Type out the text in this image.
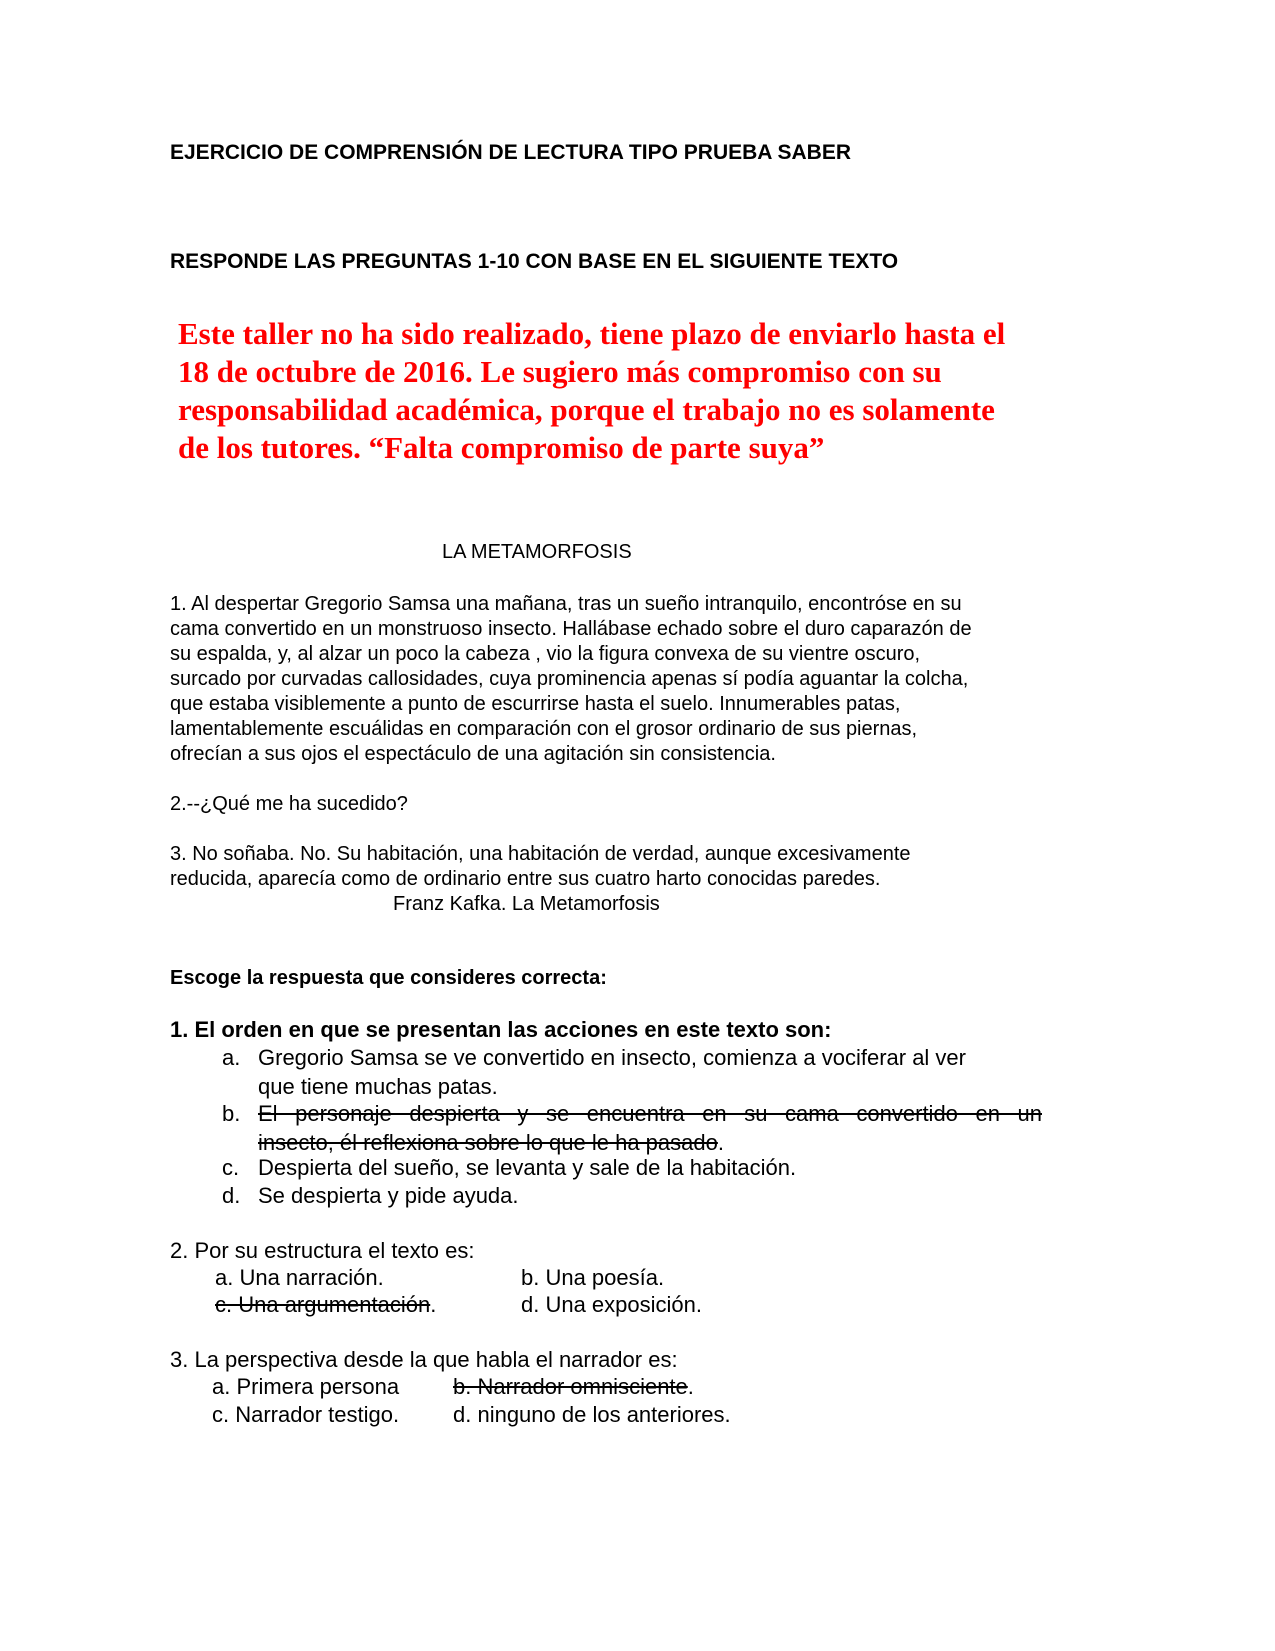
EJERCICIO DE COMPRENSIÓN DE LECTURA TIPO PRUEBA SABER
RESPONDE LAS PREGUNTAS 1-10 CON BASE EN EL SIGUIENTE TEXTO
Este taller no ha sido realizado, tiene plazo de enviarlo hasta el
18 de octubre de 2016. Le sugiero más compromiso con su
responsabilidad académica, porque el trabajo no es solamente
de los tutores. “Falta compromiso de parte suya”
LA METAMORFOSIS
1. Al despertar Gregorio Samsa una mañana, tras un sueño intranquilo, encontróse en su
cama convertido en un monstruoso insecto. Hallábase echado sobre el duro caparazón de
su espalda, y, al alzar un poco la cabeza , vio la figura convexa de su vientre oscuro,
surcado por curvadas callosidades, cuya prominencia apenas sí podía aguantar la colcha,
que estaba visiblemente a punto de escurrirse hasta el suelo. Innumerables patas,
lamentablemente escuálidas en comparación con el grosor ordinario de sus piernas,
ofrecían a sus ojos el espectáculo de una agitación sin consistencia.
2.--¿Qué me ha sucedido?
3. No soñaba. No. Su habitación, una habitación de verdad, aunque excesivamente
reducida, aparecía como de ordinario entre sus cuatro harto conocidas paredes.
Franz Kafka. La Metamorfosis
Escoge la respuesta que consideres correcta:
1. El orden en que se presentan las acciones en este texto son:
a. Gregorio Samsa se ve convertido en insecto, comienza a vociferar al ver
que tiene muchas patas.
b. El personaje despierta y se encuentra en su cama convertido en un
insecto, él reflexiona sobre lo que le ha pasado.
c. Despierta del sueño, se levanta y sale de la habitación.
d. Se despierta y pide ayuda.
2. Por su estructura el texto es:
a. Una narración.	b. Una poesía.
c. Una argumentación.	d. Una exposición.
3. La perspectiva desde la que habla el narrador es:
a. Primera persona b. Narrador omnisciente.
c. Narrador testigo. d. ninguno de los anteriores.
